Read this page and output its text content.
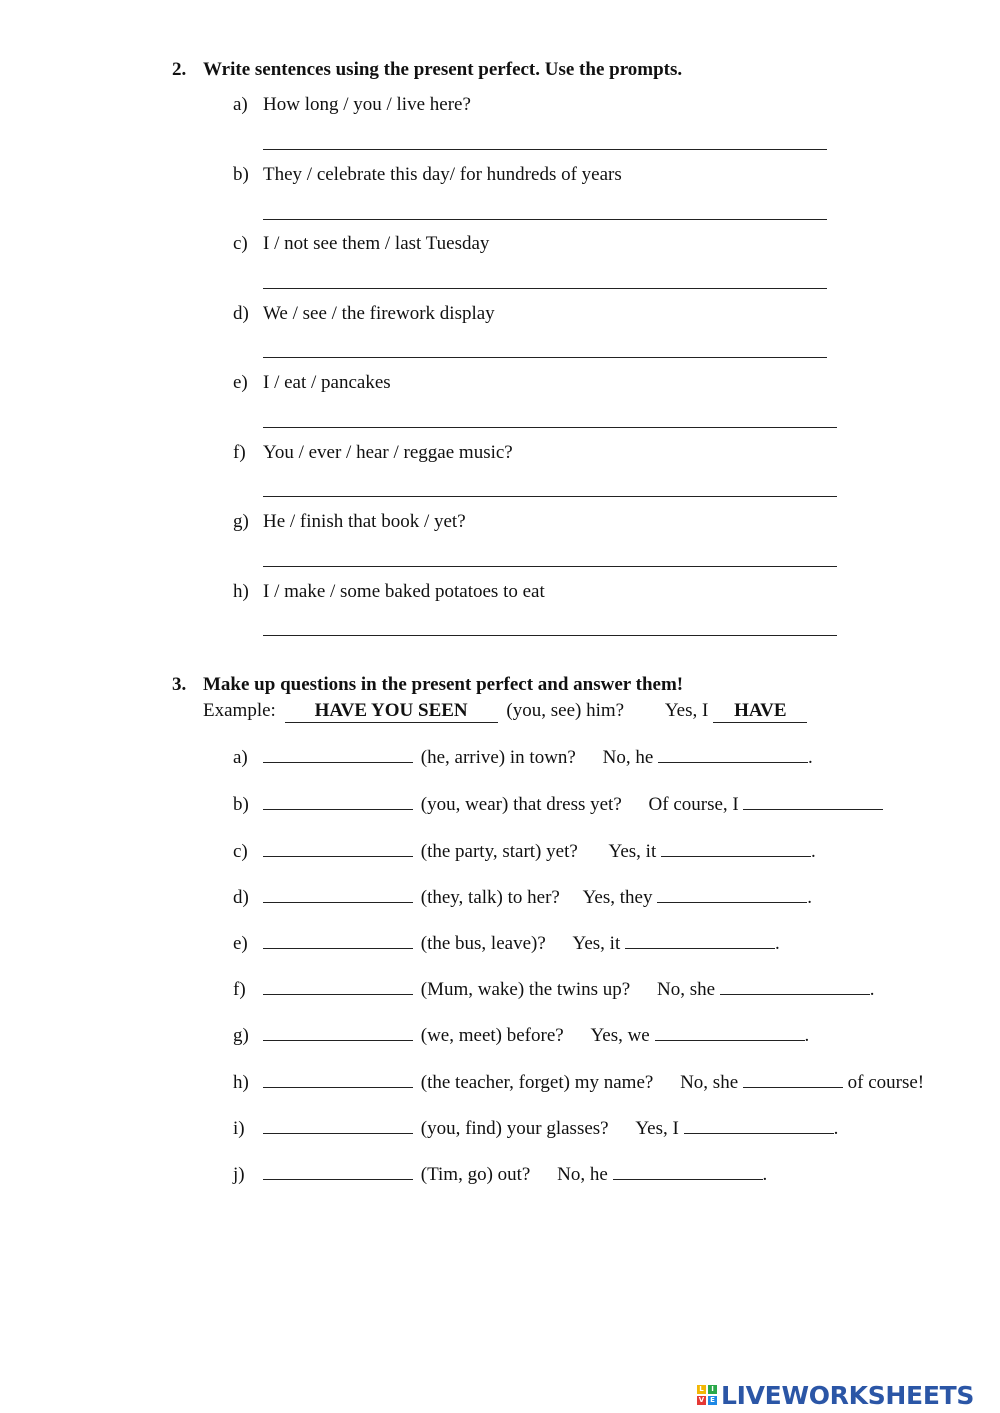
2. Write sentences using the present perfect. Use the prompts.
a) How long / you / live here?
b) They / celebrate this day/ for hundreds of years
c) I / not see them / last Tuesday
d) We / see / the firework display
e) I / eat / pancakes
f) You / ever / hear / reggae music?
g) He / finish that book / yet?
h) I / make / some baked potatoes to eat
3. Make up questions in the present perfect and answer them!
Example: HAVE YOU SEEN (you, see) him? Yes, I HAVE
a)	(he, arrive) in town? No, he	.
b)	(you, wear) that dress yet? Of course, I
c)	(the party, start) yet? Yes, it	.
d)	(they, talk) to her? Yes, they	.
e)	(the bus, leave)? Yes, it	.
f)	(Mum, wake) the twins up? No, she	.
g)	(we, meet) before? Yes, we	.
h)	(the teacher, forget) my name? No, she	of course!
i)	(you, find) your glasses? Yes, I	.
j)	(Tim, go) out? No, he	.
L	I
V E LIVEWORKSHEETS
